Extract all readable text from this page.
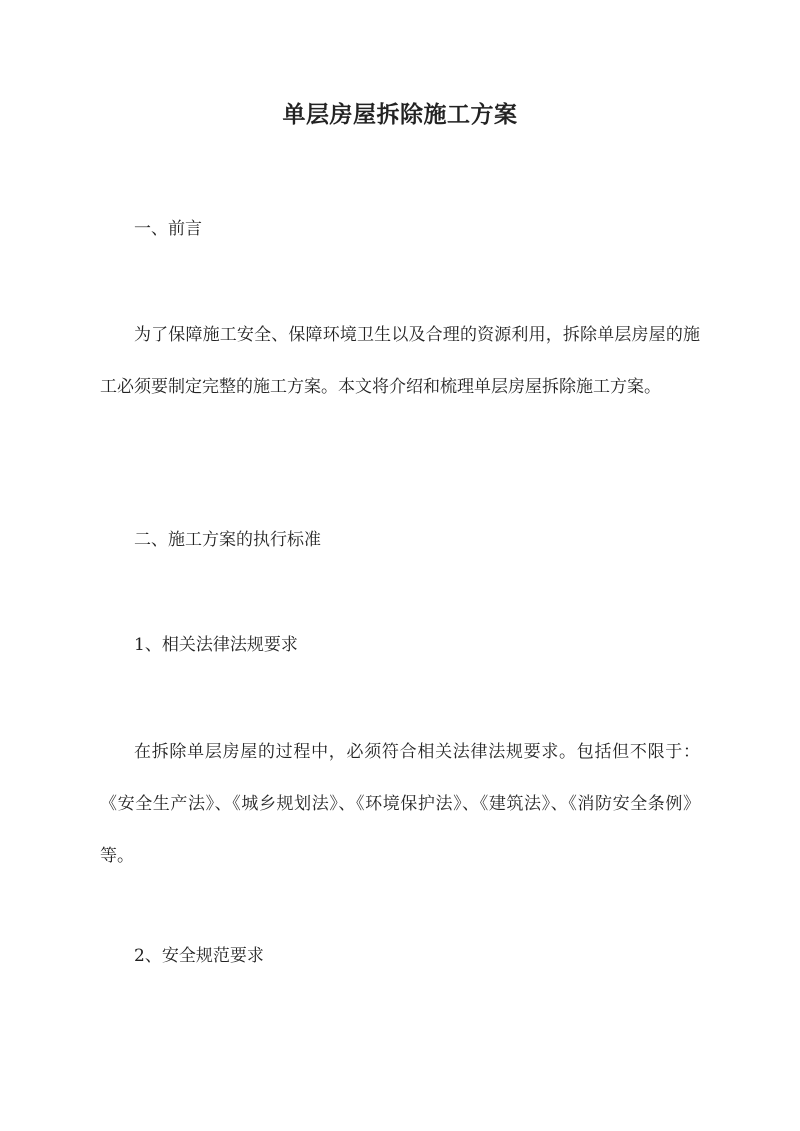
单层房屋拆除施工方案

一、前言

为了保障施工安全、保障环境卫生以及合理的资源利用，拆除单层房屋的施工必须要制定完整的施工方案。本文将介绍和梳理单层房屋拆除施工方案。

二、施工方案的执行标准

1、相关法律法规要求

在拆除单层房屋的过程中，必须符合相关法律法规要求。包括但不限于：《安全生产法》、《城乡规划法》、《环境保护法》、《建筑法》、《消防安全条例》等。

2、安全规范要求
